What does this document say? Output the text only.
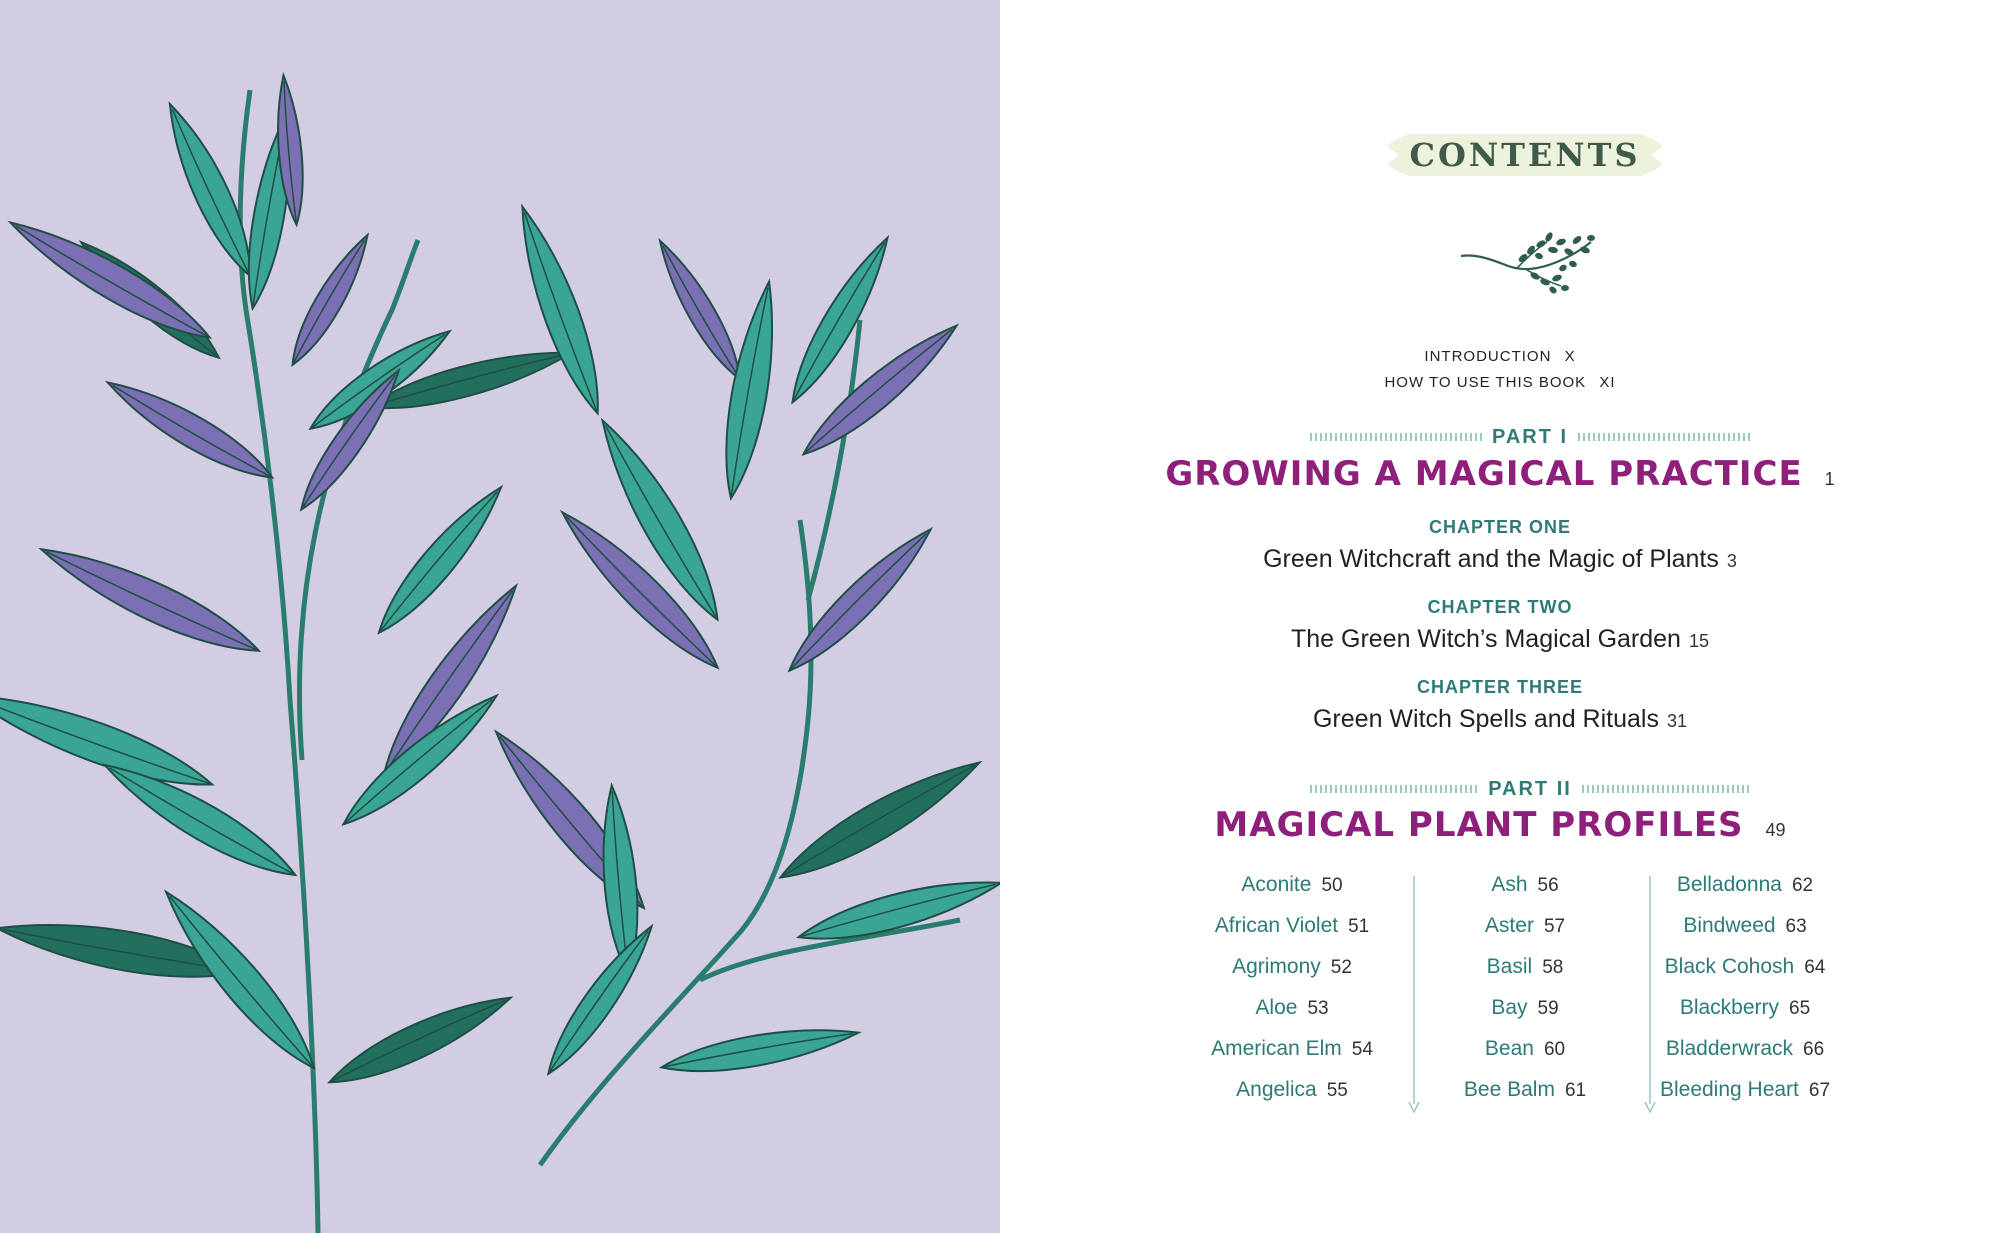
CONTENTS
INTRODUCTION X
HOW TO USE THIS BOOK XI
PART I
GROWING A MAGICAL PRACTICE 1
CHAPTER ONE
Green Witchcraft and the Magic of Plants 3
CHAPTER TWO
The Green Witch’s Magical Garden 15
CHAPTER THREE
Green Witch Spells and Rituals 31
PART II
MAGICAL PLANT PROFILES 49
Aconite 50
African Violet 51
Agrimony 52
Aloe 53
American Elm 54
Angelica 55
Ash 56
Aster 57
Basil 58
Bay 59
Bean 60
Bee Balm 61
Belladonna 62
Bindweed 63
Black Cohosh 64
Blackberry 65
Bladderwrack 66
Bleeding Heart 67
